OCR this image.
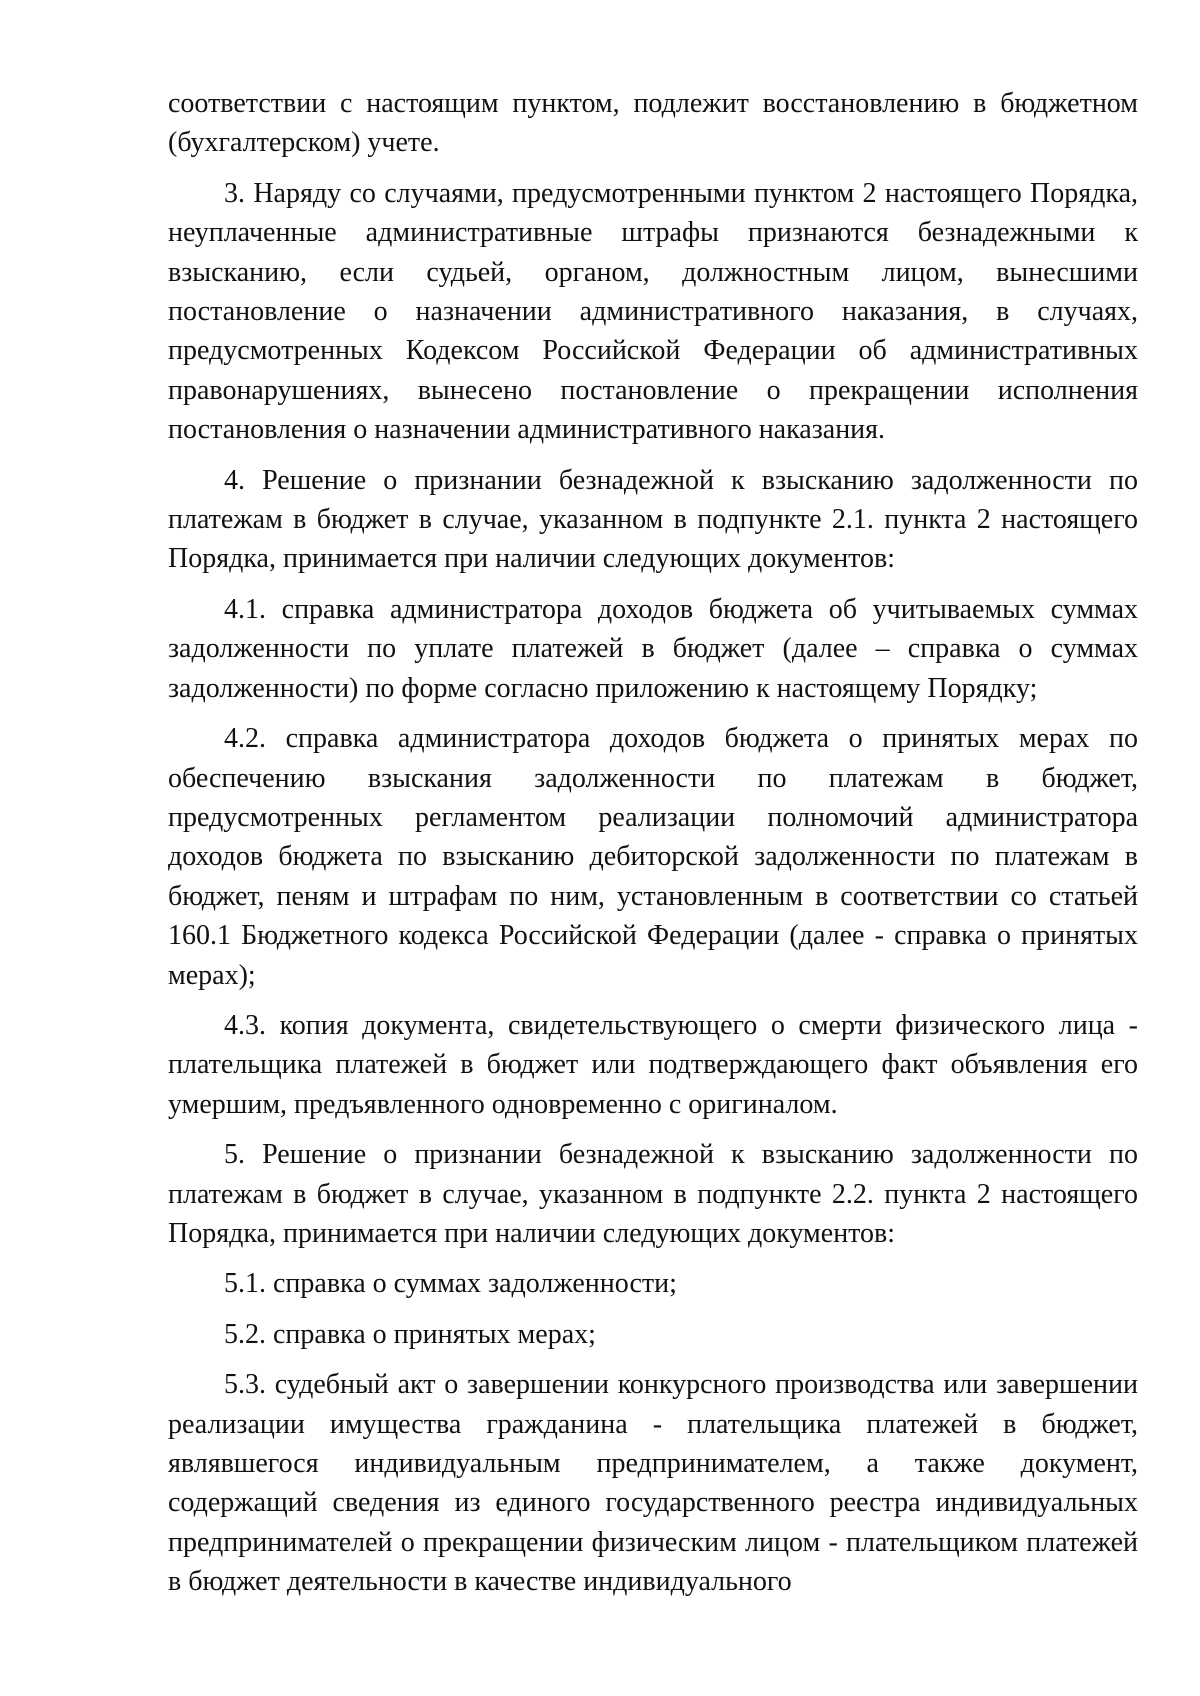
соответствии с настоящим пунктом, подлежит восстановлению в бюджетном (бухгалтерском) учете.

3. Наряду со случаями, предусмотренными пунктом 2 настоящего Порядка, неуплаченные административные штрафы признаются безнадежными к взысканию, если судьей, органом, должностным лицом, вынесшими постановление о назначении административного наказания, в случаях, предусмотренных Кодексом Российской Федерации об административных правонарушениях, вынесено постановление о прекращении исполнения постановления о назначении административного наказания.

4. Решение о признании безнадежной к взысканию задолженности по платежам в бюджет в случае, указанном в подпункте 2.1. пункта 2 настоящего Порядка, принимается при наличии следующих документов:

4.1. справка администратора доходов бюджета об учитываемых суммах задолженности по уплате платежей в бюджет (далее – справка о суммах задолженности) по форме согласно приложению к настоящему Порядку;

4.2. справка администратора доходов бюджета о принятых мерах по обеспечению взыскания задолженности по платежам в бюджет, предусмотренных регламентом реализации полномочий администратора доходов бюджета по взысканию дебиторской задолженности по платежам в бюджет, пеням и штрафам по ним, установленным в соответствии со статьей 160.1 Бюджетного кодекса Российской Федерации (далее - справка о принятых мерах);

4.3. копия документа, свидетельствующего о смерти физического лица - плательщика платежей в бюджет или подтверждающего факт объявления его умершим, предъявленного одновременно с оригиналом.

5. Решение о признании безнадежной к взысканию задолженности по платежам в бюджет в случае, указанном в подпункте 2.2. пункта 2 настоящего Порядка, принимается при наличии следующих документов:

5.1. справка о суммах задолженности;

5.2. справка о принятых мерах;

5.3. судебный акт о завершении конкурсного производства или завершении реализации имущества гражданина - плательщика платежей в бюджет, являвшегося индивидуальным предпринимателем, а также документ, содержащий сведения из единого государственного реестра индивидуальных предпринимателей о прекращении физическим лицом - плательщиком платежей в бюджет деятельности в качестве индивидуального
